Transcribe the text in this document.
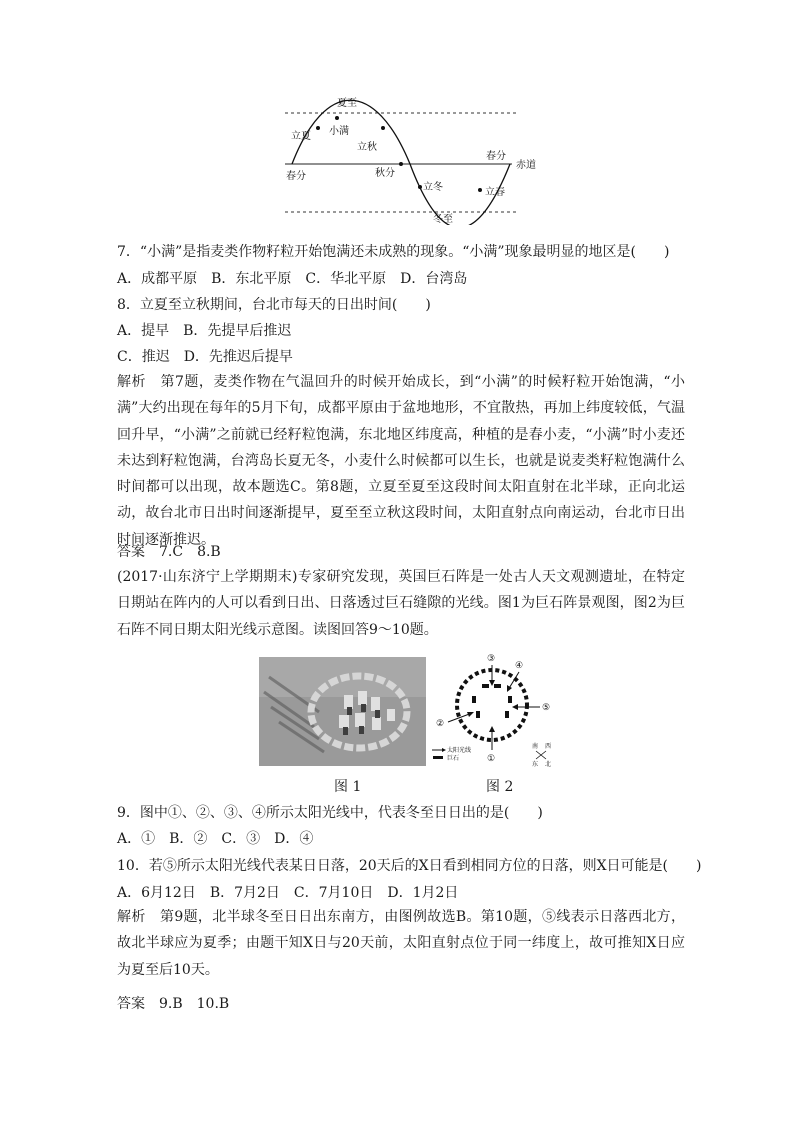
夏至
立夏 小满
立秋
春分	秋分
立冬
冬至
立春
春分
赤道
7．“小满”是指麦类作物籽粒开始饱满还未成熟的现象。“小满”现象最明显的地区是(　　)
A．成都平原　B．东北平原　C．华北平原　D．台湾岛
8．立夏至立秋期间，台北市每天的日出时间(　　)
A．提早　B．先提早后推迟
C．推迟　D．先推迟后提早
解析　第7题，麦类作物在气温回升的时候开始成长，到“小满”的时候籽粒开始饱满，“小满”大约出现在每年的5月下旬，成都平原由于盆地地形，不宜散热，再加上纬度较低，气温回升早，“小满”之前就已经籽粒饱满，东北地区纬度高，种植的是春小麦，“小满”时小麦还未达到籽粒饱满，台湾岛长夏无冬，小麦什么时候都可以生长，也就是说麦类籽粒饱满什么时间都可以出现，故本题选C。第8题，立夏至夏至这段时间太阳直射在北半球，正向北运动，故台北市日出时间逐渐提早，夏至至立秋这段时间，太阳直射点向南运动，台北市日出时间逐渐推迟。
答案　7.C　8.B
(2017·山东济宁上学期期末)专家研究发现，英国巨石阵是一处古人天文观测遗址，在特定日期站在阵内的人可以看到日出、日落透过巨石缝隙的光线。图1为巨石阵景观图，图2为巨石阵不同日期太阳光线示意图。读图回答9～10题。
①
②
③
④
⑤
太阳光线
巨石
南 西
东 北
图 1	图 2
9．图中①、②、③、④所示太阳光线中，代表冬至日日出的是(　　)
A．①　B．②　C．③　D．④
10．若⑤所示太阳光线代表某日日落，20天后的X日看到相同方位的日落，则X日可能是(　　)
A．6月12日　B．7月2日　C．7月10日　D．1月2日
解析　第9题，北半球冬至日日出东南方，由图例故选B。第10题，⑤线表示日落西北方，故北半球应为夏季；由题干知X日与20天前，太阳直射点位于同一纬度上，故可推知X日应为夏至后10天。
答案　9.B　10.B
